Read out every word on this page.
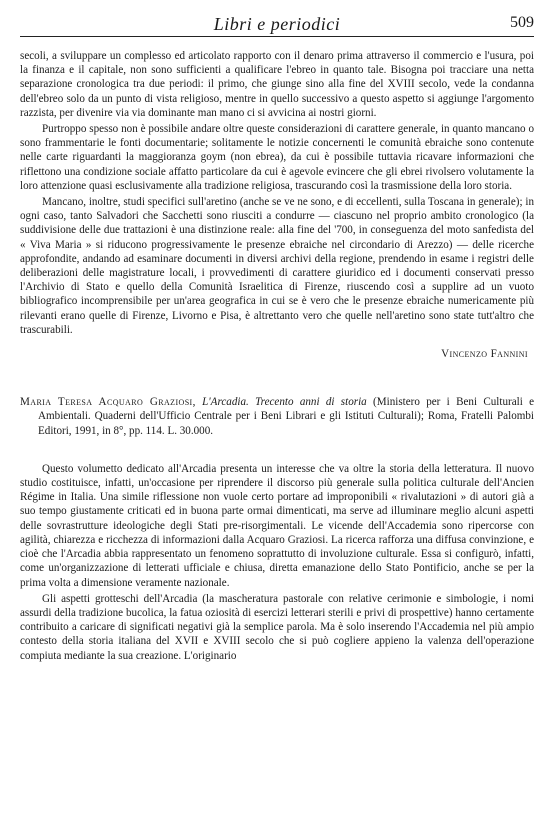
Libri e periodici	509

secoli, a sviluppare un complesso ed articolato rapporto con il denaro prima attraverso il commercio e l'usura, poi la finanza e il capitale, non sono sufficienti a qualificare l'ebreo in quanto tale. Bisogna poi tracciare una netta separazione cronologica tra due periodi: il primo, che giunge sino alla fine del XVIII secolo, vede la condanna dell'ebreo solo da un punto di vista religioso, mentre in quello successivo a questo aspetto si aggiunge l'argomento razzista, per divenire via via dominante man mano ci si avvicina ai nostri giorni.

Purtroppo spesso non è possibile andare oltre queste considerazioni di carattere generale, in quanto mancano o sono frammentarie le fonti documentarie; solitamente le notizie concernenti le comunità ebraiche sono contenute nelle carte riguardanti la maggioranza goym (non ebrea), da cui è possibile tuttavia ricavare informazioni che riflettono una condizione sociale affatto particolare da cui è agevole evincere che gli ebrei rivolsero volutamente la loro attenzione quasi esclusivamente alla tradizione religiosa, trascurando così la trasmissione della loro storia.

Mancano, inoltre, studi specifici sull'aretino (anche se ve ne sono, e di eccellenti, sulla Toscana in generale); in ogni caso, tanto Salvadori che Sacchetti sono riusciti a condurre — ciascuno nel proprio ambito cronologico (la suddivisione delle due trattazioni è una distinzione reale: alla fine del '700, in conseguenza del moto sanfedista del « Viva Maria » si riducono progressivamente le presenze ebraiche nel circondario di Arezzo) — delle ricerche approfondite, andando ad esaminare documenti in diversi archivi della regione, prendendo in esame i registri delle deliberazioni delle magistrature locali, i provvedimenti di carattere giuridico ed i documenti conservati presso l'Archivio di Stato e quello della Comunità Israelitica di Firenze, riuscendo così a supplire ad un vuoto bibliografico incomprensibile per un'area geografica in cui se è vero che le presenze ebraiche numericamente più rilevanti erano quelle di Firenze, Livorno e Pisa, è altrettanto vero che quelle nell'aretino sono state tutt'altro che trascurabili.

Vincenzo Fannini
Maria Teresa Acquaro Graziosi, L'Arcadia. Trecento anni di storia (Ministero per i Beni Culturali e Ambientali. Quaderni dell'Ufficio Centrale per i Beni Librari e gli Istituti Culturali); Roma, Fratelli Palombi Editori, 1991, in 8°, pp. 114. L. 30.000.

Questo volumetto dedicato all'Arcadia presenta un interesse che va oltre la storia della letteratura. Il nuovo studio costituisce, infatti, un'occasione per riprendere il discorso più generale sulla politica culturale dell'Ancien Régime in Italia. Una simile riflessione non vuole certo portare ad improponibili « rivalutazioni » di autori già a suo tempo giustamente criticati ed in buona parte ormai dimenticati, ma serve ad illuminare meglio alcuni aspetti delle sovrastrutture ideologiche degli Stati pre-risorgimentali. Le vicende dell'Accademia sono ripercorse con agilità, chiarezza e ricchezza di informazioni dalla Acquaro Graziosi. La ricerca rafforza una diffusa convinzione, e cioè che l'Arcadia abbia rappresentato un fenomeno soprattutto di involuzione culturale. Essa si configurò, infatti, come un'organizzazione di letterati ufficiale e chiusa, diretta emanazione dello Stato Pontificio, anche se per la prima volta a dimensione veramente nazionale.

Gli aspetti grotteschi dell'Arcadia (la mascheratura pastorale con relative cerimonie e simbologie, i nomi assurdi della tradizione bucolica, la fatua oziosità di esercizi letterari sterili e privi di prospettive) hanno certamente contribuito a caricare di significati negativi già la semplice parola. Ma è solo inserendo l'Accademia nel più ampio contesto della storia italiana del XVII e XVIII secolo che si può cogliere appieno la valenza dell'operazione compiuta mediante la sua creazione. L'originario
